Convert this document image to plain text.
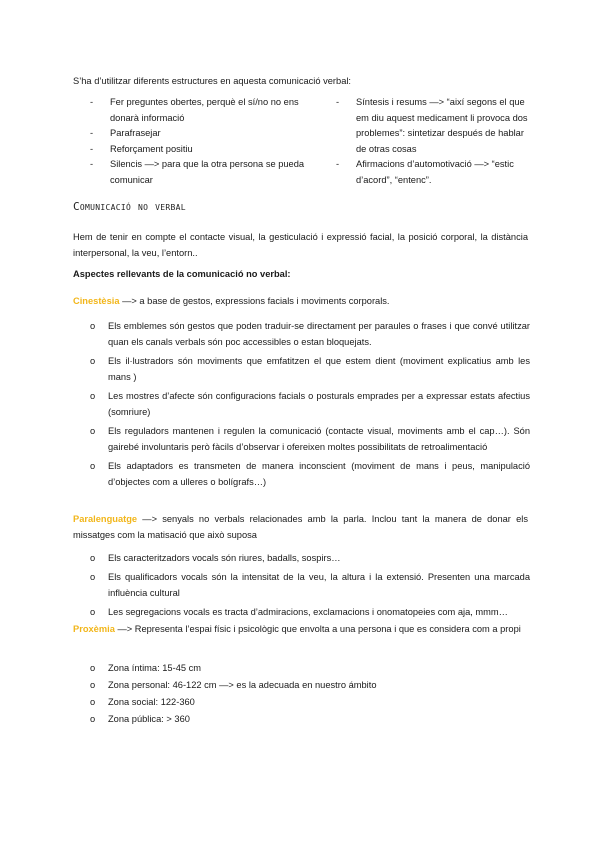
S’ha d’utilitzar diferents estructures en aquesta comunicació verbal:
- Fer preguntes obertes, perquè el sí/no no ens donarà informació
- Parafrasejar
- Reforçament positiu
- Silencis —> para que la otra persona se pueda comunicar
- Síntesis i resums —> “així segons el que em diu aquest medicament li provoca dos problemes”: sintetizar después de hablar de otras cosas
- Afirmacions d’automotivació —> “estic d’acord”, “entenc”.
Comunicació no verbal
Hem de tenir en compte el contacte visual, la gesticulació i expressió facial, la posició corporal, la distància interpersonal, la veu, l’entorn..
Aspectes rellevants de la comunicació no verbal:
Cinestèsia —> a base de gestos, expressions facials i moviments corporals.
o Els emblemes són gestos que poden traduir-se directament per paraules o frases i que convé utilitzar quan els canals verbals són poc accessibles o estan bloquejats.
o Els il·lustradors són moviments que emfatitzen el que estem dient (moviment explicatius amb les mans )
o Les mostres d’afecte són configuracions facials o posturals emprades per a expressar estats afectius (somriure)
o Els reguladors mantenen i regulen la comunicació (contacte visual, moviments amb el cap…). Són gairebé involuntaris però fàcils d’observar i ofereixen moltes possibilitats de retroalimentació
o Els adaptadors es transmeten de manera inconscient (moviment de mans i peus, manipulació d’objectes com a ulleres o bolígrafs…)
Paralenguatge —> senyals no verbals relacionades amb la parla. Inclou tant la manera de donar els missatges com la matisació que això suposa
o Els caracteritzadors vocals són riures, badalls, sospirs…
o Els qualificadors vocals són la intensitat de la veu, la altura i la extensió. Presenten una marcada influència cultural
o Les segregacions vocals es tracta d’admiracions, exclamacions i onomatopeies com aja, mmm…
Proxèmia —> Representa l’espai físic i psicològic que envolta a una persona i que es considera com a propi
o Zona íntima: 15-45 cm
o Zona personal: 46-122 cm —> es la adecuada en nuestro ámbito
o Zona social: 122-360
o Zona pública: > 360
